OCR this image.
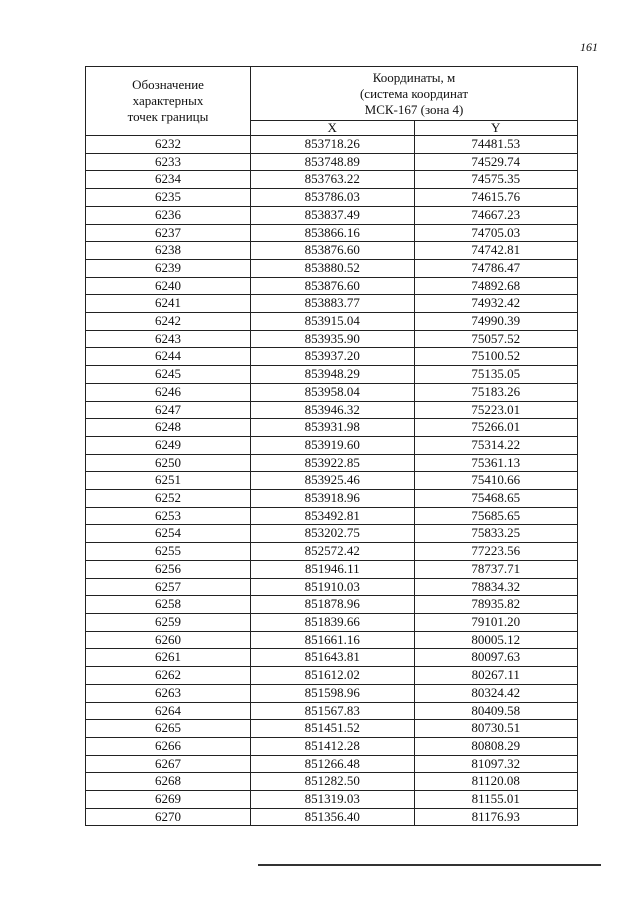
161
Обозначение
характерных
точек границы	Координаты, м
(система координат
МСК-167 (зона 4)	

	X	Y
6232	853718.26	74481.53
6233	853748.89	74529.74
6234	853763.22	74575.35
6235	853786.03	74615.76
6236	853837.49	74667.23
6237	853866.16	74705.03
6238	853876.60	74742.81
6239	853880.52	74786.47
6240	853876.60	74892.68
6241	853883.77	74932.42
6242	853915.04	74990.39
6243	853935.90	75057.52
6244	853937.20	75100.52
6245	853948.29	75135.05
6246	853958.04	75183.26
6247	853946.32	75223.01
6248	853931.98	75266.01
6249	853919.60	75314.22
6250	853922.85	75361.13
6251	853925.46	75410.66
6252	853918.96	75468.65
6253	853492.81	75685.65
6254	853202.75	75833.25
6255	852572.42	77223.56
6256	851946.11	78737.71
6257	851910.03	78834.32
6258	851878.96	78935.82
6259	851839.66	79101.20
6260	851661.16	80005.12
6261	851643.81	80097.63
6262	851612.02	80267.11
6263	851598.96	80324.42
6264	851567.83	80409.58
6265	851451.52	80730.51
6266	851412.28	80808.29
6267	851266.48	81097.32
6268	851282.50	81120.08
6269	851319.03	81155.01
6270	851356.40	81176.93
